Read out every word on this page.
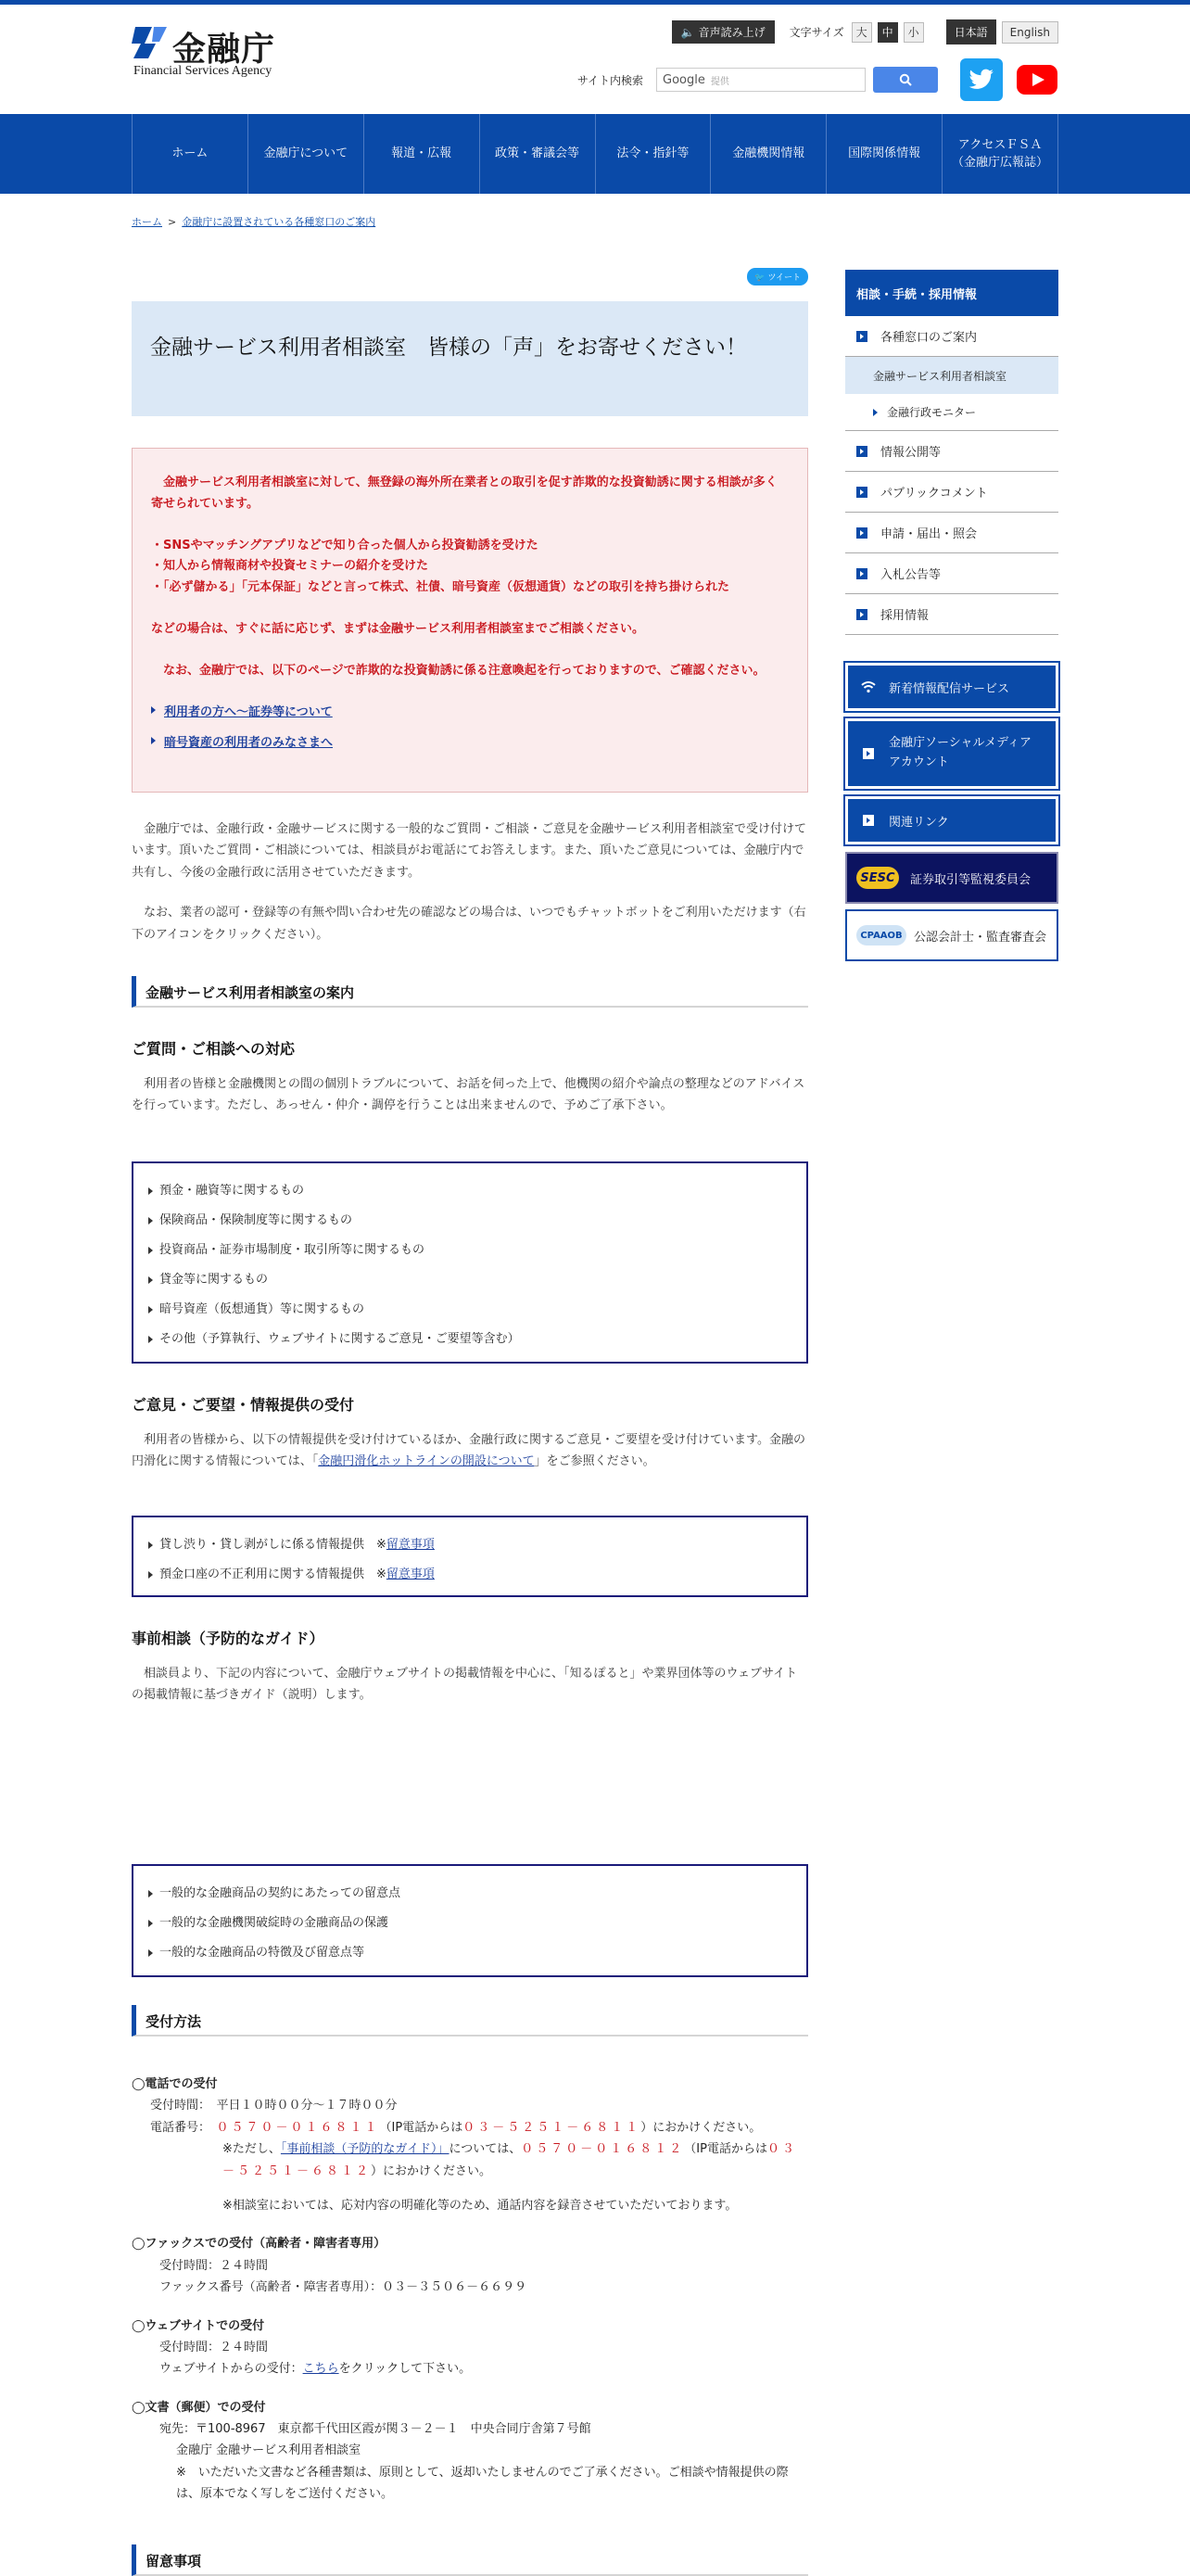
金融庁
Financial Services Agency
🔈 音声読み上げ	文字サイズ	大	中	小	日本語	English
サイト内検索 Google 提供
ホーム	金融庁について	報道・広報	政策・審議会等	法令・指針等	金融機関情報	国際関係情報
アクセスＦＳＡ
（金融庁広報誌）
ホーム > 金融庁に設置されている各種窓口のご案内
🐦 ツイート
金融サービス利用者相談室　皆様の「声」をお寄せください！

　金融サービス利用者相談室に対して、無登録の海外所在業者との取引を促す詐欺的な投資勧誘に関する相談が多く寄せられています。

・SNSやマッチングアプリなどで知り合った個人から投資勧誘を受けた

・知人から情報商材や投資セミナーの紹介を受けた

・「必ず儲かる」「元本保証」などと言って株式、社債、暗号資産（仮想通貨）などの取引を持ち掛けられた

などの場合は、すぐに話に応じず、まずは金融サービス利用者相談室までご相談ください。

　なお、金融庁では、以下のページで詐欺的な投資勧誘に係る注意喚起を行っておりますので、ご確認ください。

利用者の方へ～証券等について
暗号資産の利用者のみなさまへ

金融庁では、金融行政・金融サービスに関する一般的なご質問・ご相談・ご意見を金融サービス利用者相談室で受け付けています。頂いたご質問・ご相談については、相談員がお電話にてお答えします。また、頂いたご意見については、金融庁内で共有し、今後の金融行政に活用させていただきます。

なお、業者の認可・登録等の有無や問い合わせ先の確認などの場合は、いつでもチャットボットをご利用いただけます（右下のアイコンをクリックください）。

金融サービス利用者相談室の案内
ご質問・ご相談への対応

利用者の皆様と金融機関との間の個別トラブルについて、お話を伺った上で、他機関の紹介や論点の整理などのアドバイスを行っています。ただし、あっせん・仲介・調停を行うことは出来ませんので、予めご了承下さい。

預金・融資等に関するもの
保険商品・保険制度等に関するもの
投資商品・証券市場制度・取引所等に関するもの
貸金等に関するもの
暗号資産（仮想通貨）等に関するもの
その他（予算執行、ウェブサイトに関するご意見・ご要望等含む）
ご意見・ご要望・情報提供の受付

利用者の皆様から、以下の情報提供を受け付けているほか、金融行政に関するご意見・ご要望を受け付けています。金融の円滑化に関する情報については、「金融円滑化ホットラインの開設について」をご参照ください。

貸し渋り・貸し剥がしに係る情報提供　※留意事項
預金口座の不正利用に関する情報提供　※留意事項
事前相談（予防的なガイド）

相談員より、下記の内容について、金融庁ウェブサイトの掲載情報を中心に、「知るぽると」や業界団体等のウェブサイトの掲載情報に基づきガイド（説明）します。

一般的な金融商品の契約にあたっての留意点
一般的な金融機関破綻時の金融商品の保護
一般的な金融商品の特徴及び留意点等
受付方法
◯電話での受付
受付時間：　平日１０時００分～１７時００分
電話番号：　０５７０－０１６８１１（IP電話からは０３－５２５１－６８１１）におかけください。
※ただし、「事前相談（予防的なガイド）」については、０５７０－０１６８１２（IP電話からは０３－５２５１－６８１２）におかけください。
※相談室においては、応対内容の明確化等のため、通話内容を録音させていただいております。
◯ファックスでの受付（高齢者・障害者専用）
受付時間：２４時間
ファックス番号（高齢者・障害者専用）：０３－３５０６－６６９９
◯ウェブサイトでの受付
受付時間：２４時間
ウェブサイトからの受付：こちらをクリックして下さい。
◯文書（郵便）での受付
宛先：〒100-8967　東京都千代田区霞が関３－２－１　中央合同庁舎第７号館
金融庁 金融サービス利用者相談室
※　いただいた文書など各種書類は、原則として、返却いたしませんのでご了承ください。ご相談や情報提供の際は、原本でなく写しをご送付ください。
留意事項
相談・手続・採用情報
各種窓口のご案内
金融サービス利用者相談室
金融行政モニター
情報公開等
パブリックコメント
申請・届出・照会
入札公告等
採用情報
新着情報配信サービス
金融庁ソーシャルメディア
アカウント
関連リンク
SESC	証券取引等監視委員会
CPAAOB 公認会計士・監査審査会
